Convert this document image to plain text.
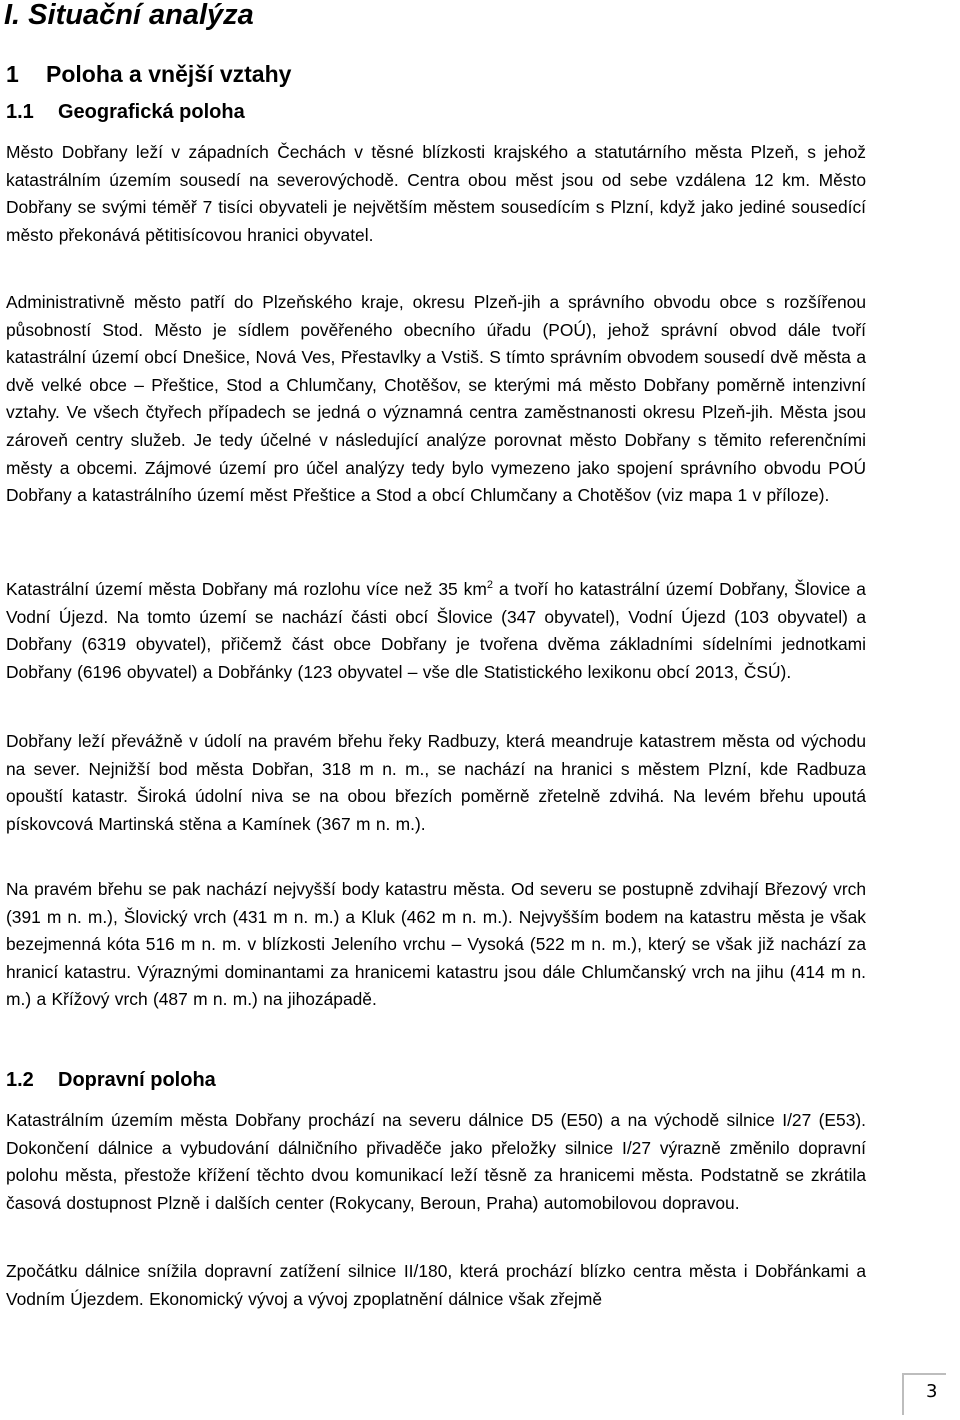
I. Situační analýza
1 Poloha a vnější vztahy
1.1 Geografická poloha

Město Dobřany leží v západních Čechách v těsné blízkosti krajského a statutárního města Plzeň, s jehož katastrálním územím sousedí na severovýchodě. Centra obou měst jsou od sebe vzdálena 12 km. Město Dobřany se svými téměř 7 tisíci obyvateli je největším městem sousedícím s Plzní, když jako jediné sousedící město překonává pětitisícovou hranici obyvatel.

Administrativně město patří do Plzeňského kraje, okresu Plzeň-jih a správního obvodu obce s rozšířenou působností Stod. Město je sídlem pověřeného obecního úřadu (POÚ), jehož správní obvod dále tvoří katastrální území obcí Dnešice, Nová Ves, Přestavlky a Vstiš. S tímto správním obvodem sousedí dvě města a dvě velké obce – Přeštice, Stod a Chlumčany, Chotěšov, se kterými má město Dobřany poměrně intenzivní vztahy. Ve všech čtyřech případech se jedná o významná centra zaměstnanosti okresu Plzeň-jih. Města jsou zároveň centry služeb. Je tedy účelné v následující analýze porovnat město Dobřany s těmito referenčními městy a obcemi. Zájmové území pro účel analýzy tedy bylo vymezeno jako spojení správního obvodu POÚ Dobřany a katastrálního území měst Přeštice a Stod a obcí Chlumčany a Chotěšov (viz mapa 1 v příloze).

Katastrální území města Dobřany má rozlohu více než 35 $km^2$ a tvoří ho katastrální území Dobřany, Šlovice a Vodní Újezd. Na tomto území se nachází části obcí Šlovice (347 obyvatel), Vodní Újezd (103 obyvatel) a Dobřany (6319 obyvatel), přičemž část obce Dobřany je tvořena dvěma základními sídelními jednotkami Dobřany (6196 obyvatel) a Dobřánky (123 obyvatel – vše dle Statistického lexikonu obcí 2013, ČSÚ).

Dobřany leží převážně v údolí na pravém břehu řeky Radbuzy, která meandruje katastrem města od východu na sever. Nejnižší bod města Dobřan, 318 m n. m., se nachází na hranici s městem Plzní, kde Radbuza opouští katastr. Široká údolní niva se na obou březích poměrně zřetelně zdvihá. Na levém břehu upoutá pískovcová Martinská stěna a Kamínek (367 m n. m.).

Na pravém břehu se pak nachází nejvyšší body katastru města. Od severu se postupně zdvihají Březový vrch (391 m n. m.), Šlovický vrch (431 m n. m.) a Kluk (462 m n. m.). Nejvyšším bodem na katastru města je však bezejmenná kóta 516 m n. m. v blízkosti Jeleního vrchu – Vysoká (522 m n. m.), který se však již nachází za hranicí katastru. Výraznými dominantami za hranicemi katastru jsou dále Chlumčanský vrch na jihu (414 m n. m.) a Křížový vrch (487 m n. m.) na jihozápadě.

1.2 Dopravní poloha

Katastrálním územím města Dobřany prochází na severu dálnice D5 (E50) a na východě silnice I/27 (E53). Dokončení dálnice a vybudování dálničního přivaděče jako přeložky silnice I/27 výrazně změnilo dopravní polohu města, přestože křížení těchto dvou komunikací leží těsně za hranicemi města. Podstatně se zkrátila časová dostupnost Plzně i dalších center (Rokycany, Beroun, Praha) automobilovou dopravou.

Zpočátku dálnice snížila dopravní zatížení silnice II/180, která prochází blízko centra města i Dobřánkami a Vodním Újezdem. Ekonomický vývoj a vývoj zpoplatnění dálnice však zřejmě

3
